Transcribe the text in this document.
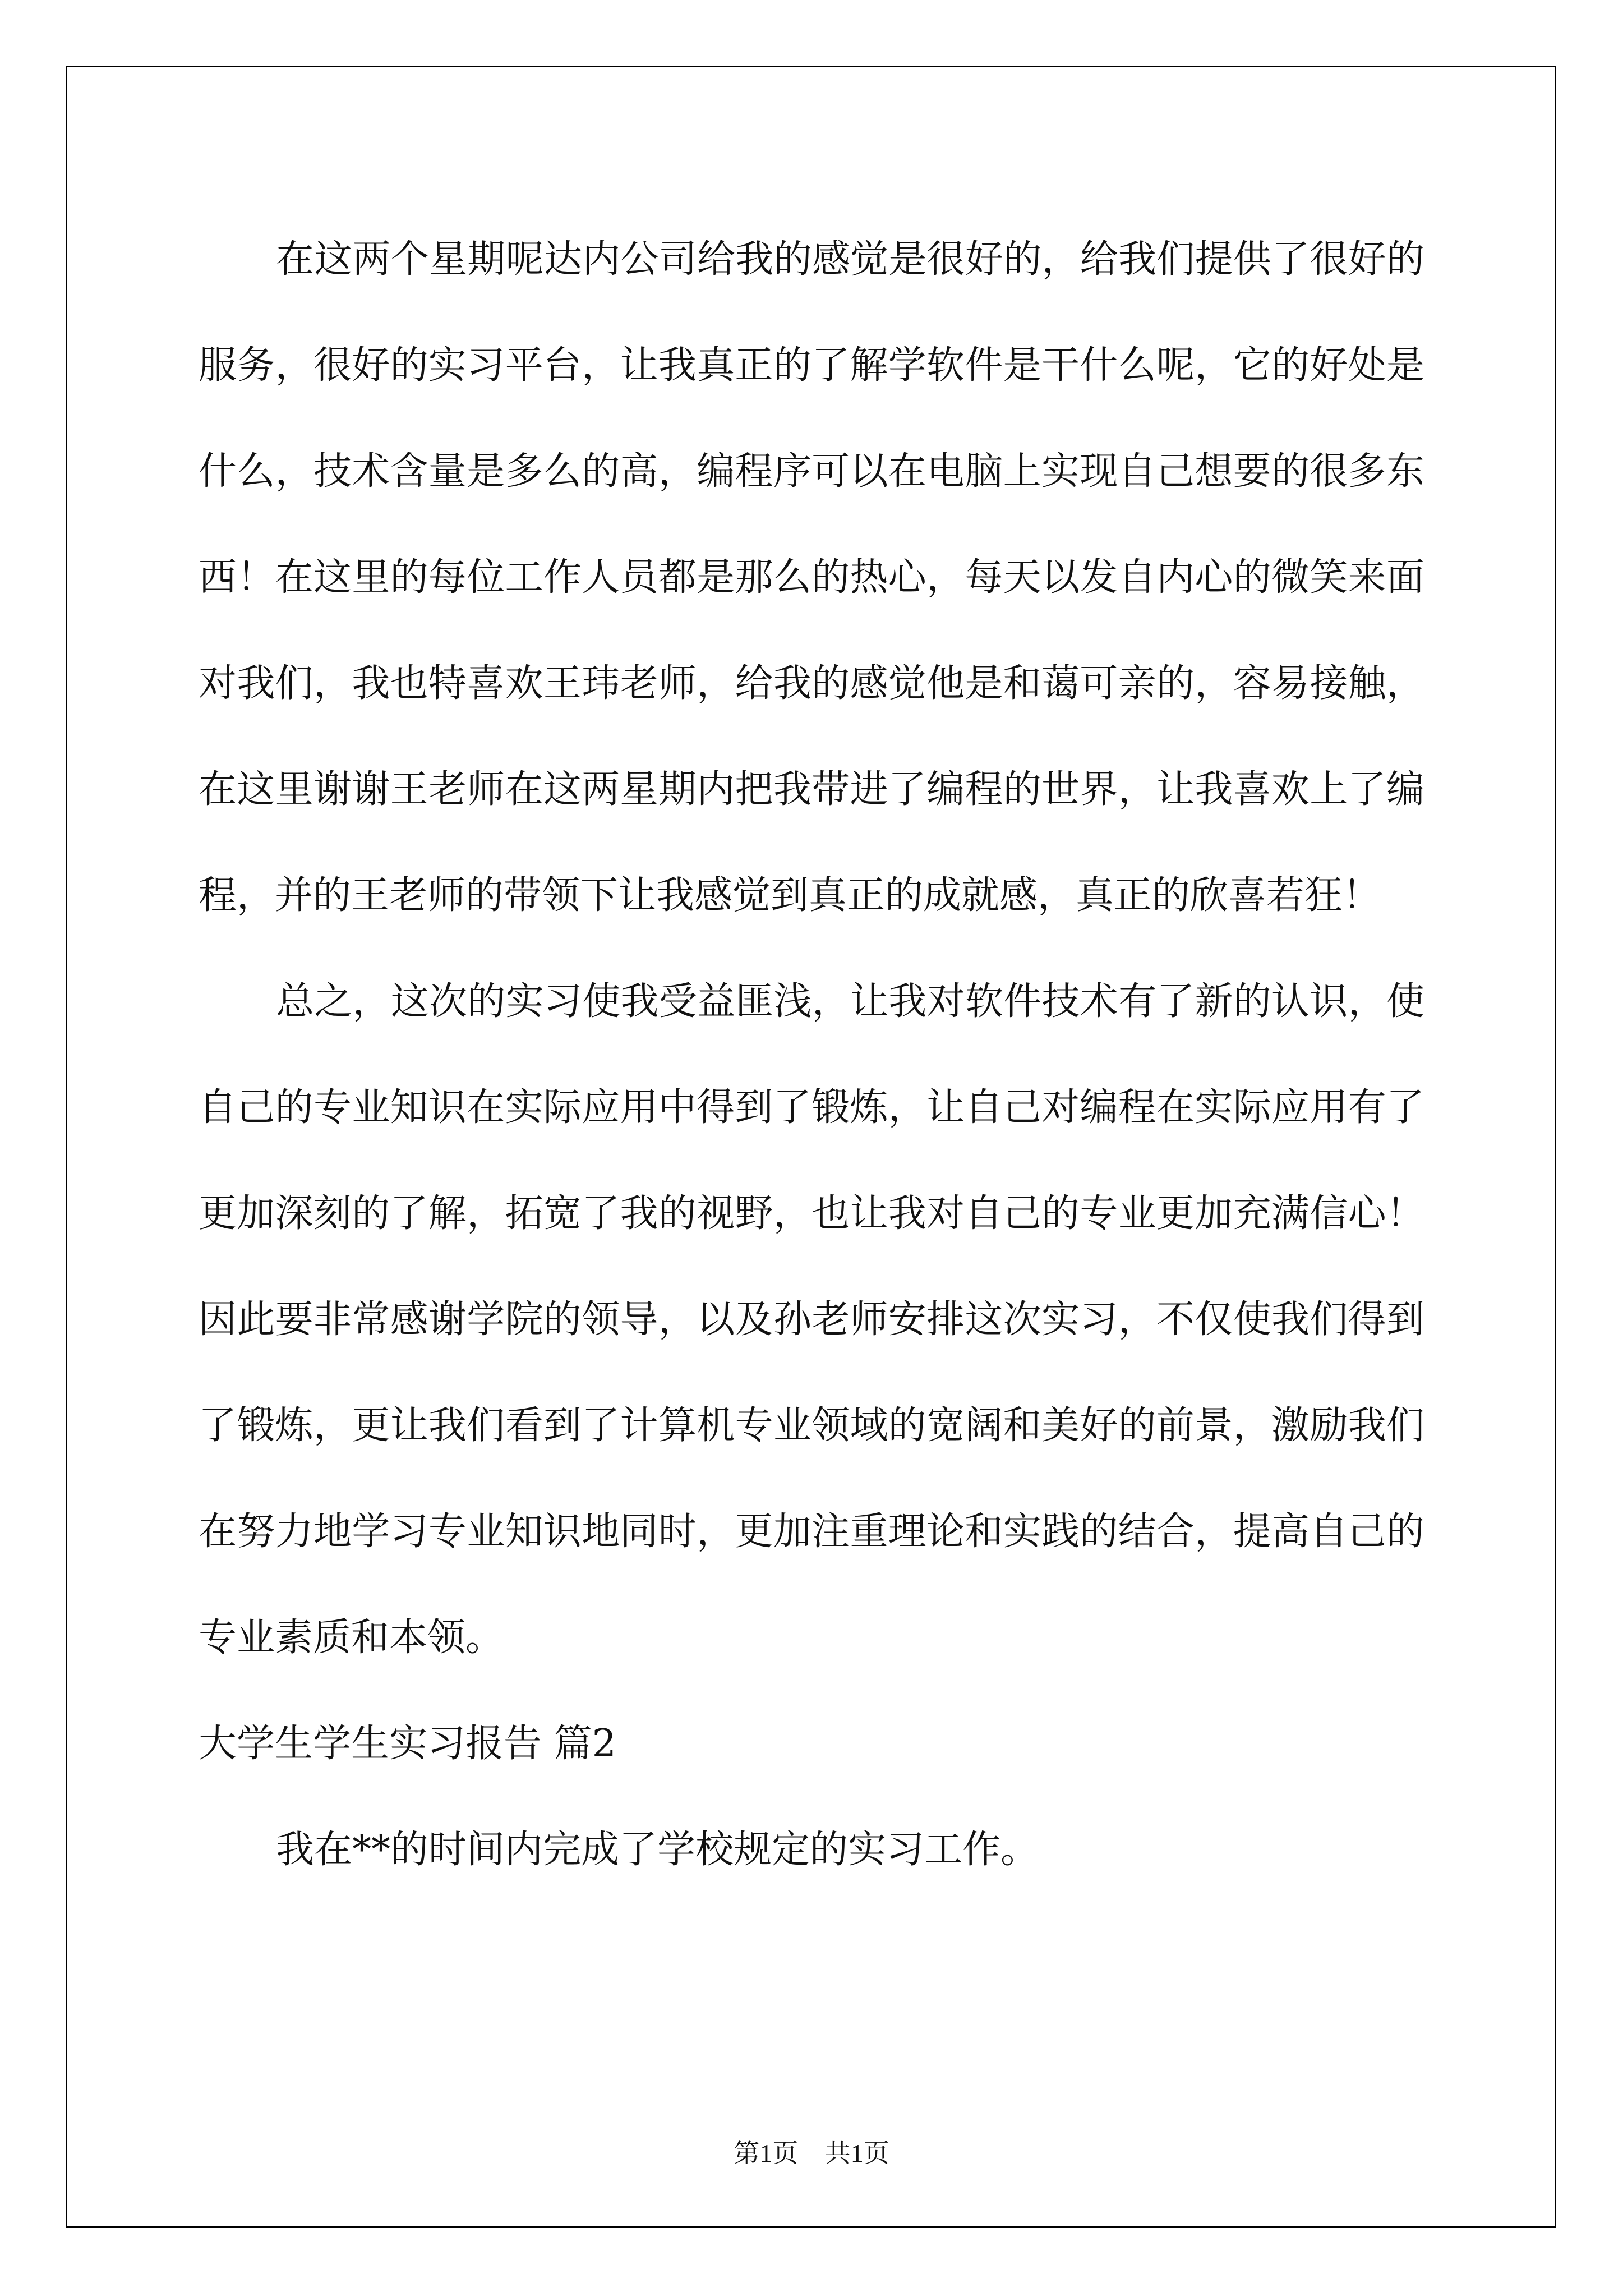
在这两个星期呢达内公司给我的感觉是很好的，给我们提供了很好的服务，很好的实习平台，让我真正的了解学软件是干什么呢，它的好处是什么，技术含量是多么的高，编程序可以在电脑上实现自己想要的很多东西！在这里的每位工作人员都是那么的热心，每天以发自内心的微笑来面对我们，我也特喜欢王玮老师，给我的感觉他是和蔼可亲的，容易接触，在这里谢谢王老师在这两星期内把我带进了编程的世界，让我喜欢上了编程，并的王老师的带领下让我感觉到真正的成就感，真正的欣喜若狂！

总之，这次的实习使我受益匪浅，让我对软件技术有了新的认识，使自己的专业知识在实际应用中得到了锻炼，让自己对编程在实际应用有了更加深刻的了解，拓宽了我的视野，也让我对自己的专业更加充满信心！因此要非常感谢学院的领导，以及孙老师安排这次实习，不仅使我们得到了锻炼，更让我们看到了计算机专业领域的宽阔和美好的前景，激励我们在努力地学习专业知识地同时，更加注重理论和实践的结合，提高自己的专业素质和本领。

大学生学生实习报告 篇2

我在**的时间内完成了学校规定的实习工作。

第1页 共1页
